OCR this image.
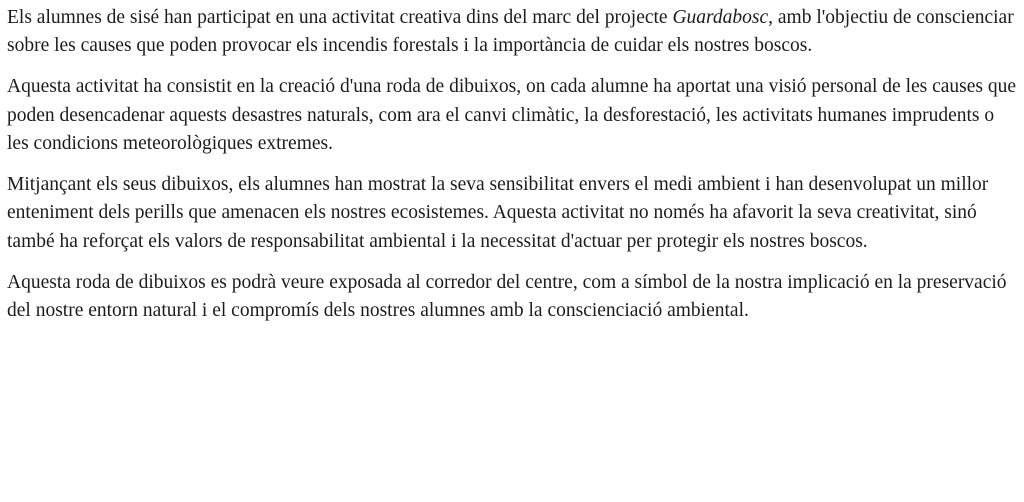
Els alumnes de sisé han participat en una activitat creativa dins del marc del projecte Guardabosc, amb l'objectiu de conscienciar sobre les causes que poden provocar els incendis forestals i la importància de cuidar els nostres boscos.

Aquesta activitat ha consistit en la creació d'una roda de dibuixos, on cada alumne ha aportat una visió personal de les causes que poden desencadenar aquests desastres naturals, com ara el canvi climàtic, la desforestació, les activitats humanes imprudents o les condicions meteorològiques extremes.

Mitjançant els seus dibuixos, els alumnes han mostrat la seva sensibilitat envers el medi ambient i han desenvolupat un millor enteniment dels perills que amenacen els nostres ecosistemes. Aquesta activitat no només ha afavorit la seva creativitat, sinó també ha reforçat els valors de responsabilitat ambiental i la necessitat d'actuar per protegir els nostres boscos.

Aquesta roda de dibuixos es podrà veure exposada al corredor del centre, com a símbol de la nostra implicació en la preservació del nostre entorn natural i el compromís dels nostres alumnes amb la conscienciació ambiental.
